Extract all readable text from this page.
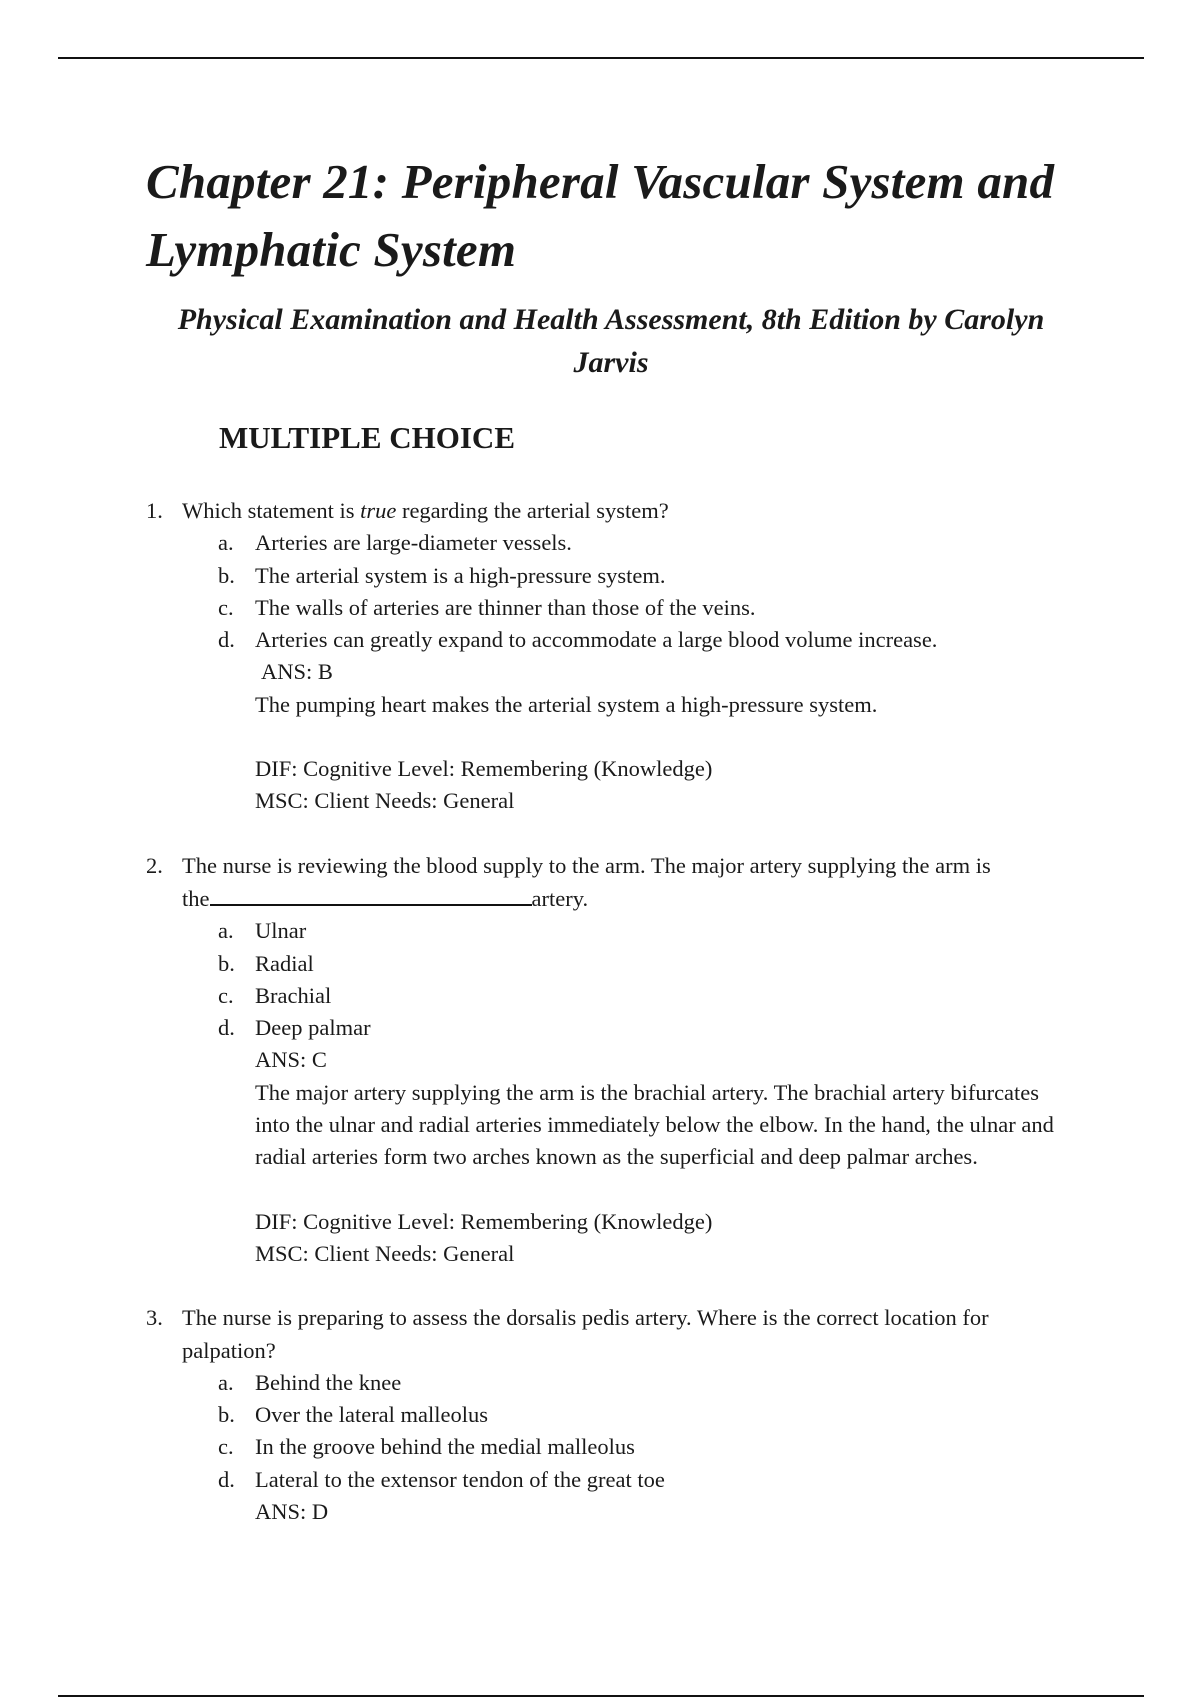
Chapter 21: Peripheral Vascular System and Lymphatic System

Physical Examination and Health Assessment, 8th Edition by Carolyn Jarvis

MULTIPLE CHOICE
1. Which statement is true regarding the arterial system?
a. Arteries are large-diameter vessels.
b. The arterial system is a high-pressure system.
c. The walls of arteries are thinner than those of the veins.
d. Arteries can greatly expand to accommodate a large blood volume increase.
ANS: B
The pumping heart makes the arterial system a high-pressure system.
DIF: Cognitive Level: Remembering (Knowledge)
MSC: Client Needs: General
2. The nurse is reviewing the blood supply to the arm. The major artery supplying the arm is
the	artery.
a. Ulnar
b. Radial
c. Brachial
d. Deep palmar
ANS: C
The major artery supplying the arm is the brachial artery. The brachial artery bifurcates into the ulnar and radial arteries immediately below the elbow. In the hand, the ulnar and radial arteries form two arches known as the superficial and deep palmar arches.
DIF: Cognitive Level: Remembering (Knowledge)
MSC: Client Needs: General
3. The nurse is preparing to assess the dorsalis pedis artery. Where is the correct location for palpation?
a. Behind the knee
b. Over the lateral malleolus
c. In the groove behind the medial malleolus
d. Lateral to the extensor tendon of the great toe
ANS: D
